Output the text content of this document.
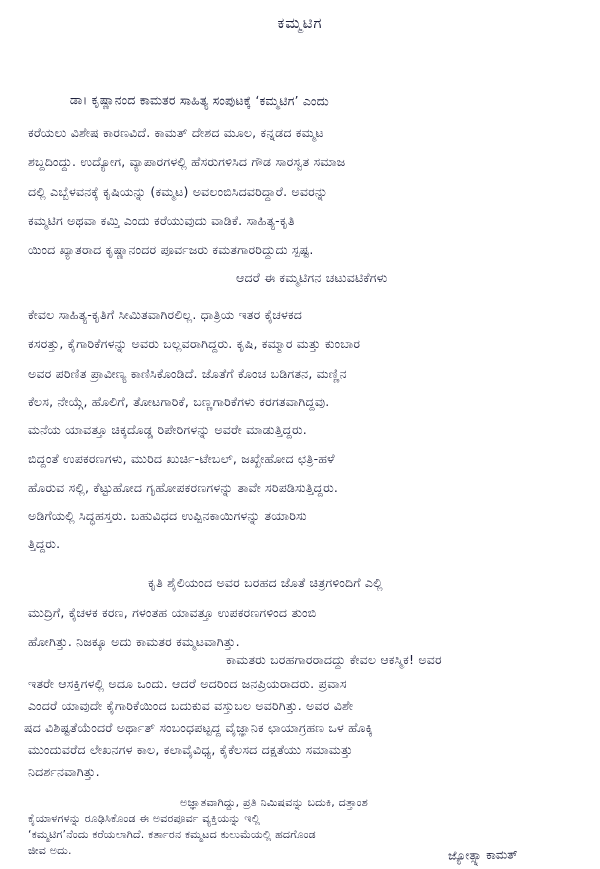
ಕಮ್ಮಟಿಗ
ಡಾ। ಕೃಷ್ಣಾನಂದ ಕಾಮತರ ಸಾಹಿತ್ಯ ಸಂಪುಟಕ್ಕೆ ‘ಕಮ್ಮಟಿಗ’ ಎಂದು
ಕರೆಯಲು ವಿಶೇಷ ಕಾರಣವಿದೆ. ಕಾಮತ್ ದೇಶದ ಮೂಲ, ಕನ್ನಡದ ಕಮ್ಮಟ
ಶಬ್ದದಿಂದ್ದು. ಉದ್ಯೋಗ, ವ್ಯಾಪಾರಗಳಲ್ಲಿ ಹೆಸರುಗಳಿಸಿದ ಗೌಡ ಸಾರಸ್ವತ ಸಮಾಜ
ದಲ್ಲಿ ಎಬ್ಬೆಳವನಕ್ಕೆ ಕೃಷಿಯನ್ನು (ಕಮ್ಮಟ) ಅವಲಂಬಿಸಿದವರಿದ್ದಾರೆ. ಅವರನ್ನು
ಕಮ್ಮಟಿಗ ಅಥವಾ ಕಮ್ತಿ ಎಂದು ಕರೆಯುವುದು ವಾಡಿಕೆ. ಸಾಹಿತ್ಯ-ಕೃತಿ
ಯಿಂದ ಖ್ಯಾತರಾದ ಕೃಷ್ಣಾನಂದರ ಪೂರ್ವಜರು ಕಮತಗಾರರಿದ್ದುದು ಸ್ಪಷ್ಟ.
ಆದರೆ ಈ ಕಮ್ಮಟಿಗನ ಚಟುವಟಿಕೆಗಳು
ಕೇವಲ ಸಾಹಿತ್ಯ-ಕೃತಿಗೆ ಸೀಮಿತವಾಗಿರಲಿಲ್ಲ. ಧಾತ್ರಿಯ ಇತರ ಕೈಚಳಕದ
ಕಸರತ್ತು, ಕೈಗಾರಿಕೆಗಳನ್ನು ಅವರು ಬಲ್ಲವರಾಗಿದ್ದರು. ಕೃಷಿ, ಕಮ್ಮಾರ ಮತ್ತು ಕುಂಬಾರ
ಅವರ ಪರಿಣಿತ ಪ್ರಾವೀಣ್ಯ ಕಾಣಿಸಿಕೊಂಡಿದೆ. ಜೊತೆಗೆ ಕೊಂಚ ಬಡಿಗತನ, ಮಣ್ಣಿನ
ಕೆಲಸ, ನೇಯ್ಗೆ, ಹೊಲಿಗೆ, ತೋಟಗಾರಿಕೆ, ಬಣ್ಣಗಾರಿಕೆಗಳು ಕರಗತವಾಗಿದ್ದವು.
ಮನೆಯ ಯಾವತ್ತೂ ಚಿಕ್ಕದೊಡ್ಡ ರಿಪೇರಿಗಳನ್ನು ಅವರೇ ಮಾಡುತ್ತಿದ್ದರು.
ಬಿದ್ದಂತೆ ಉಪಕರಣಗಳು, ಮುರಿದ ಖುರ್ಚಿ-ಟೇಬಲ್, ಜಖ್ಖೇಹೋದ ಛತ್ರಿ-ಹಳೆ
ಹೊರುವ ಸಲ್ಲಿ, ಕೆಟ್ಟುಹೋದ ಗೃಹೋಪಕರಣಗಳನ್ನು ತಾವೇ ಸರಿಪಡಿಸುತ್ತಿದ್ದರು.
ಅಡಿಗೆಯಲ್ಲಿ ಸಿದ್ಧಹಸ್ತರು. ಬಹುವಿಧದ ಉಪ್ಪಿನಕಾಯಿಗಳನ್ನು ತಯಾರಿಸು
ತ್ತಿದ್ದರು.
ಕೃತಿ ಶೈಲಿಯಂದ ಅವರ ಬರಹದ ಜೊತೆ ಚಿತ್ರಗಳಿಂದಿಗೆ ಎಲ್ಲಿ
ಮುದ್ರಿಗೆ, ಕೈಚಳಕ ಕರಣ, ಗಳಂತಹ ಯಾವತ್ತೂ ಉಪಕರಣಗಳಿಂದ ತುಂಬಿ
ಹೋಗಿತ್ತು. ನಿಜಕ್ಕೂ ಅದು ಕಾಮತರ ಕಮ್ಮಟವಾಗಿತ್ತು.
ಕಾಮತರು ಬರಹಗಾರರಾದದ್ದು ಕೇವಲ ಆಕಸ್ಮಿಕ! ಅವರ
ಇತರೇ ಆಸಕ್ತಿಗಳಲ್ಲಿ ಅದೂ ಒಂದು. ಆದರೆ ಅದರಿಂದ ಜನಪ್ರಿಯರಾದರು. ಪ್ರವಾಸ
ಎಂದರೆ ಯಾವುದೇ ಕೈಗಾರಿಕೆಯಿಂದ ಬದುಕುವ ವಸ್ತುಬಲ ಅವರಿಗಿತ್ತು. ಅವರ ವಿಶೇ
ಷದ ವಿಶಿಷ್ಟತೆಯೆಂದರೆ ಅರ್ಥಾತ್ ಸಂಬಂಧಪಟ್ಟದ್ದ ವೈಜ್ಞಾನಿಕ ಛಾಯಾಗ್ರಹಣ ಒಳ ಹೊಕ್ಕಿ
ಮುಂದುವರೆದ ಲೇಖನಗಳ ಕಾಲ, ಕಲಾವೈವಿಧ್ಯ, ಕೈಕೆಲಸದ ದಕ್ಷತೆಯು ಸಮಾಮತ್ತು
ನಿದರ್ಶನವಾಗಿತ್ತು.
ಜ್ಯೋತ್ಸ್ನಾ ಕಾಮತ್
ಅಜ್ಞಾತವಾಗಿದ್ದು, ಪ್ರತಿ ನಿಮಿಷವನ್ನು ಬದುಕಿ, ದತ್ತಾಂಶ
ಕೈಯಾಳಗಳನ್ನು ರೂಢಿಸಿಕೊಂಡ ಈ ಅವರಪೂರ್ವ ವ್ಯಕ್ತಿಯನ್ನು ಇಲ್ಲಿ
‘ಕಮ್ಮಟಿಗ’ನೆಂದು ಕರೆಯಲಾಗಿದೆ. ಕರ್ತಾರನ ಕಮ್ಮಟದ ಕುಲುಮೆಯಲ್ಲಿ ಹದಗೊಂಡ
ಜೀವ ಅದು.
